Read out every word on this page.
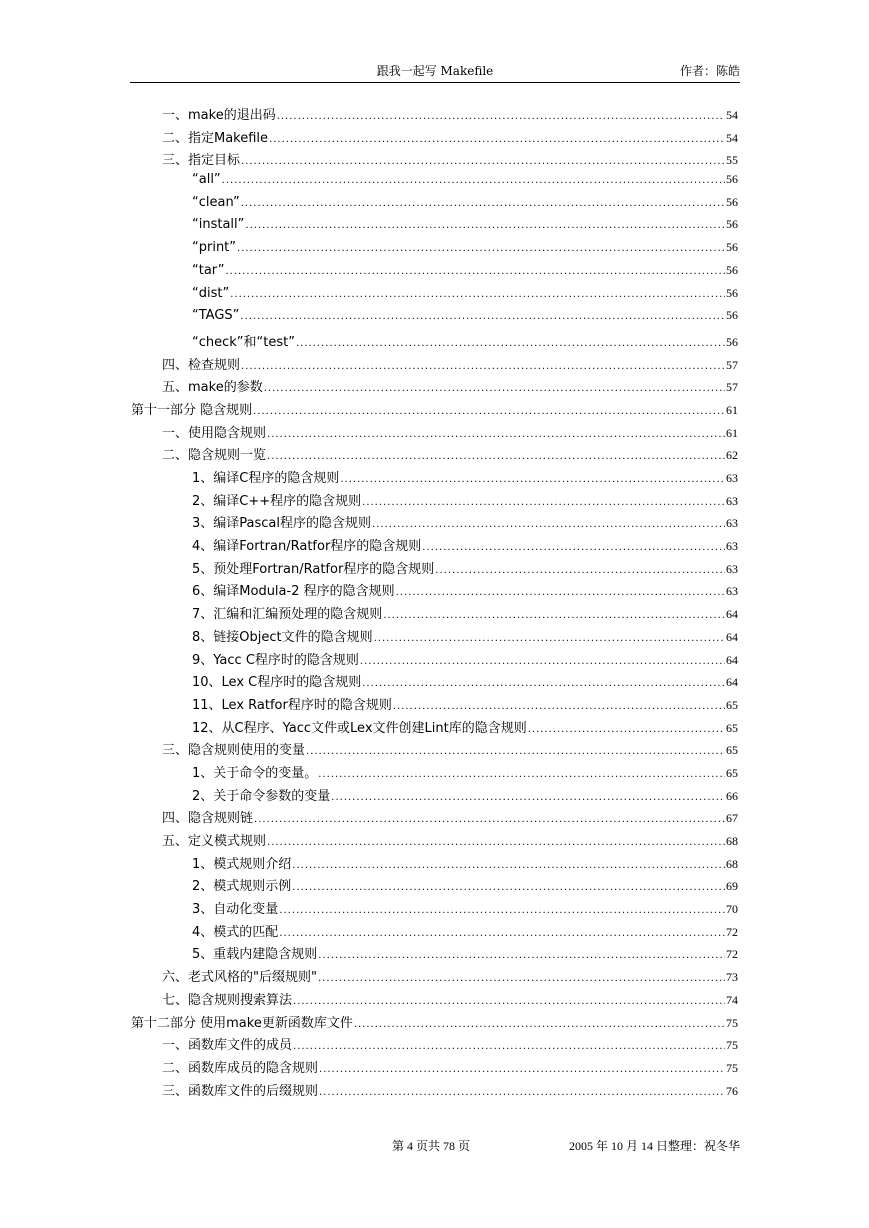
跟我一起写 Makefile	作者：陈皓
一、make的退出码 .....	54
二、指定Makefile .....	54
三、指定目标 .....	55
“all” .....	56
“clean” .....	56
“install” .....	56
“print” .....	56
“tar” .....	56
“dist” .....	56
“TAGS” .....	56
“check”和“test” .....	56
四、检查规则 .....	57
五、make的参数 .....	57
第十一部分 隐含规则 .....	61
一、使用隐含规则 .....	61
二、隐含规则一览 .....	62
1、编译C程序的隐含规则 .....	63
2、编译C++程序的隐含规则 .....	63
3、编译Pascal程序的隐含规则 .....	63
4、编译Fortran/Ratfor程序的隐含规则 .....	63
5、预处理Fortran/Ratfor程序的隐含规则 .....	63
6、编译Modula-2 程序的隐含规则 .....	63
7、汇编和汇编预处理的隐含规则 .....	64
8、链接Object文件的隐含规则 .....	64
9、Yacc C程序时的隐含规则 .....	64
10、Lex C程序时的隐含规则 .....	64
11、Lex Ratfor程序时的隐含规则 .....	65
12、从C程序、Yacc文件或Lex文件创建Lint库的隐含规则 .....	65
三、隐含规则使用的变量 .....	65
1、关于命令的变量。 .....	65
2、关于命令参数的变量 .....	66
四、隐含规则链 .....	67
五、定义模式规则 .....	68
1、模式规则介绍 .....	68
2、模式规则示例 .....	69
3、自动化变量 .....	70
4、模式的匹配 .....	72
5、重载内建隐含规则 .....	72
六、老式风格的"后缀规则" .....	73
七、隐含规则搜索算法 .....	74
第十二部分 使用make更新函数库文件 .....	75
一、函数库文件的成员 .....	75
二、函数库成员的隐含规则 .....	75
三、函数库文件的后缀规则 .....	76
第 4 页共 78 页	2005 年 10 月 14 日整理：祝冬华
